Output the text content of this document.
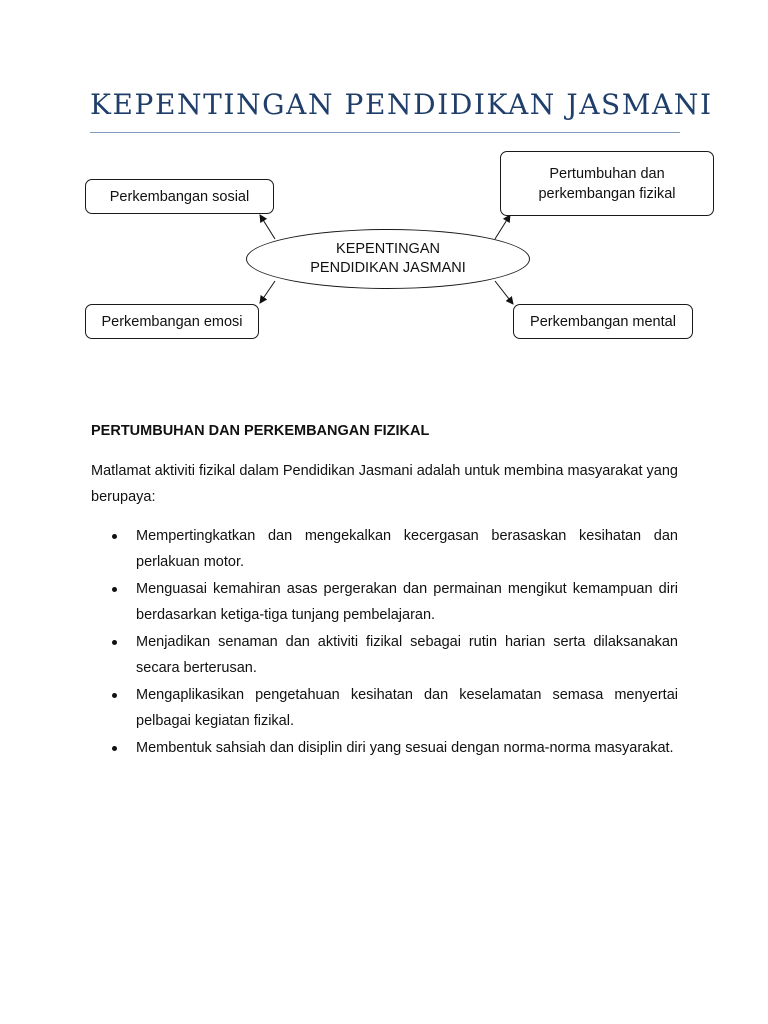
KEPENTINGAN PENDIDIKAN JASMANI
Perkembangan sosial
Pertumbuhan dan
perkembangan fizikal
KEPENTINGAN
PENDIDIKAN JASMANI
Perkembangan emosi	Perkembangan mental
PERTUMBUHAN DAN PERKEMBANGAN FIZIKAL

Matlamat aktiviti fizikal dalam Pendidikan Jasmani adalah untuk membina masyarakat yang berupaya:

Mempertingkatkan dan mengekalkan kecergasan berasaskan kesihatan dan perlakuan motor.
Menguasai kemahiran asas pergerakan dan permainan mengikut kemampuan diri berdasarkan ketiga-tiga tunjang pembelajaran.
Menjadikan senaman dan aktiviti fizikal sebagai rutin harian serta dilaksanakan secara berterusan.
Mengaplikasikan pengetahuan kesihatan dan keselamatan semasa menyertai pelbagai kegiatan fizikal.
Membentuk sahsiah dan disiplin diri yang sesuai dengan norma-norma masyarakat.
